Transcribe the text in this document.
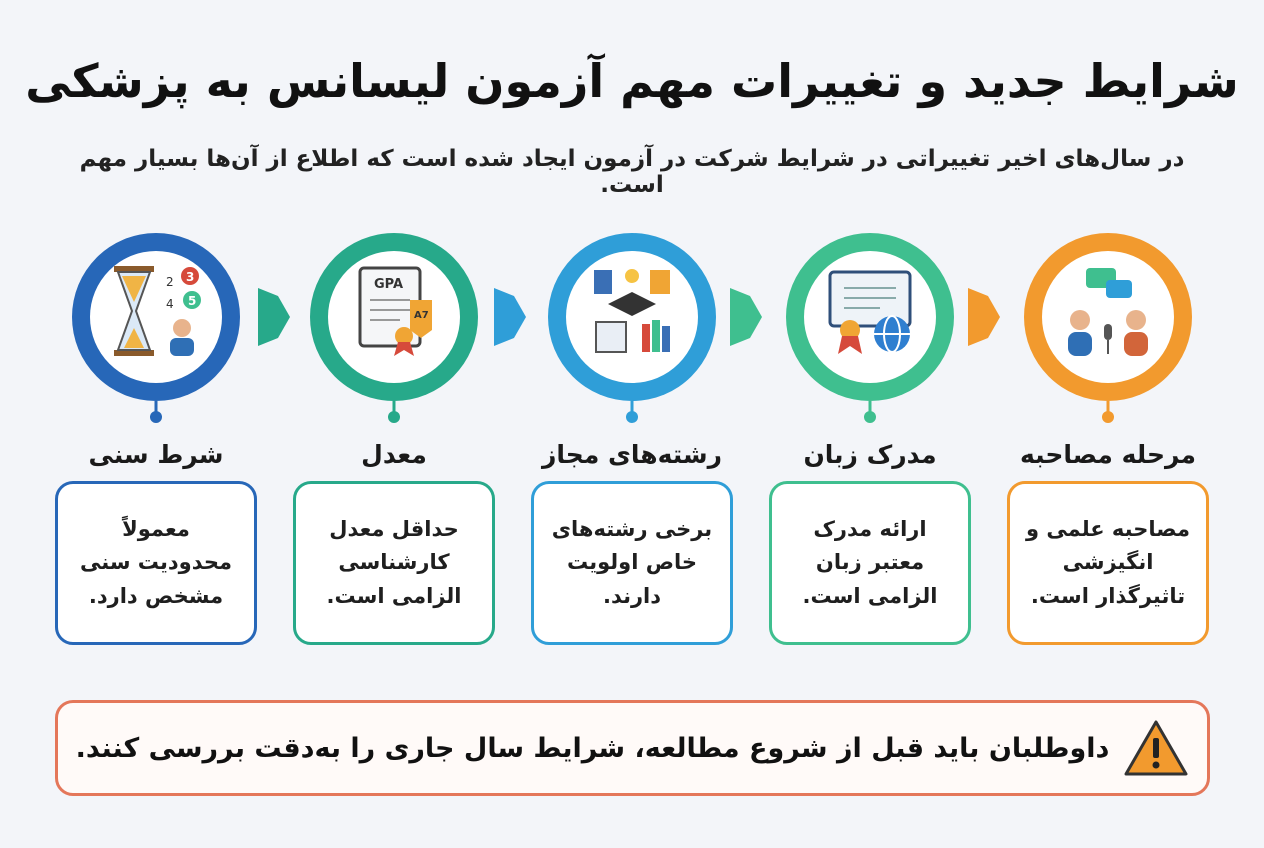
شرایط جدید و تغییرات مهم آزمون لیسانس به پزشکی
در سال‌های اخیر تغییراتی در شرایط شرکت در آزمون ایجاد شده است که اطلاع از آن‌ها بسیار مهم است.
GPA
A7
3
5
2
4
مرحله مصاحبه
مدرک زبان
رشته‌های مجاز
معدل
شرط سنی
مصاحبه علمی و انگیزشی تاثیرگذار است.
ارائه مدرک معتبر زبان الزامی است.
برخی رشته‌های خاص اولویت دارند.
حداقل معدل کارشناسی الزامی است.
معمولاً محدودیت سنی مشخص دارد.
داوطلبان باید قبل از شروع مطالعه، شرایط سال جاری را به‌دقت بررسی کنند.
